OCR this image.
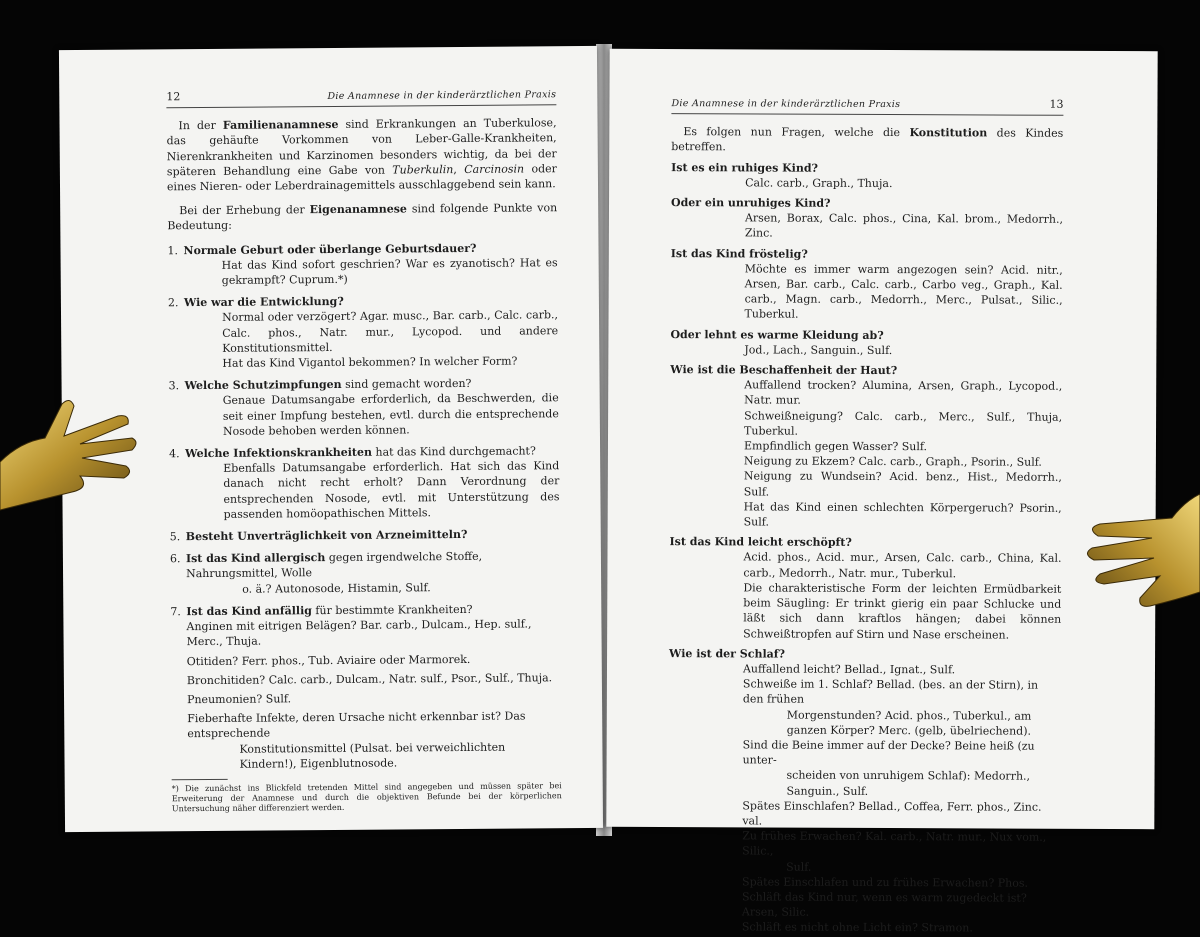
12	Die Anamnese in der kinderärztlichen Praxis

In der Familienanamnese sind Erkrankungen an Tuberkulose, das gehäufte Vorkommen von Leber-Galle-Krankheiten, Nierenkrankheiten und Karzinomen besonders wichtig, da bei der späteren Behandlung eine Gabe von Tuberkulin, Carcinosin oder eines Nieren- oder Leberdrainagemittels ausschlaggebend sein kann.

Bei der Erhebung der Eigenanamnese sind folgende Punkte von Bedeutung:

1. Normale Geburt oder überlange Geburtsdauer?
Hat das Kind sofort geschrien? War es zyanotisch? Hat es gekrampft? Cuprum.*)
2. Wie war die Entwicklung?
Normal oder verzögert? Agar. musc., Bar. carb., Calc. carb., Calc. phos., Natr. mur., Lycopod. und andere Konstitutionsmittel.
Hat das Kind Vigantol bekommen? In welcher Form?
3. Welche Schutzimpfungen sind gemacht worden?
Genaue Datumsangabe erforderlich, da Beschwerden, die seit einer Impfung bestehen, evtl. durch die entsprechende Nosode behoben werden können.
4. Welche Infektionskrankheiten hat das Kind durchgemacht?
Ebenfalls Datumsangabe erforderlich. Hat sich das Kind danach nicht recht erholt? Dann Verordnung der entsprechenden Nosode, evtl. mit Unterstützung des passenden homöopathischen Mittels.
5. Besteht Unverträglichkeit von Arzneimitteln?
6. Ist das Kind allergisch gegen irgendwelche Stoffe, Nahrungsmittel, Wolle
o. ä.? Autonosode, Histamin, Sulf.
7. Ist das Kind anfällig für bestimmte Krankheiten?
Anginen mit eitrigen Belägen? Bar. carb., Dulcam., Hep. sulf., Merc., Thuja.
Otitiden? Ferr. phos., Tub. Aviaire oder Marmorek.
Bronchitiden? Calc. carb., Dulcam., Natr. sulf., Psor., Sulf., Thuja.
Pneumonien? Sulf.
Fieberhafte Infekte, deren Ursache nicht erkennbar ist? Das entsprechende
Konstitutionsmittel (Pulsat. bei verweichlichten Kindern!), Eigenblutnosode.
*) Die zunächst ins Blickfeld tretenden Mittel sind angegeben und müssen später bei Erweiterung der Anamnese und durch die objektiven Befunde bei der körperlichen Untersuchung näher differenziert werden.
Die Anamnese in der kinderärztlichen Praxis	13

Es folgen nun Fragen, welche die Konstitution des Kindes betreffen.

Ist es ein ruhiges Kind?
Calc. carb., Graph., Thuja.
Oder ein unruhiges Kind?
Arsen, Borax, Calc. phos., Cina, Kal. brom., Medorrh., Zinc.
Ist das Kind fröstelig?
Möchte es immer warm angezogen sein? Acid. nitr., Arsen, Bar. carb., Calc. carb., Carbo veg., Graph., Kal. carb., Magn. carb., Medorrh., Merc., Pulsat., Silic., Tuberkul.
Oder lehnt es warme Kleidung ab?
Jod., Lach., Sanguin., Sulf.
Wie ist die Beschaffenheit der Haut?
Auffallend trocken? Alumina, Arsen, Graph., Lycopod., Natr. mur.
Schweißneigung? Calc. carb., Merc., Sulf., Thuja, Tuberkul.
Empfindlich gegen Wasser? Sulf.
Neigung zu Ekzem? Calc. carb., Graph., Psorin., Sulf.
Neigung zu Wundsein? Acid. benz., Hist., Medorrh., Sulf.
Hat das Kind einen schlechten Körpergeruch? Psorin., Sulf.
Ist das Kind leicht erschöpft?
Acid. phos., Acid. mur., Arsen, Calc. carb., China, Kal. carb., Medorrh., Natr. mur., Tuberkul.
Die charakteristische Form der leichten Ermüdbarkeit beim Säugling: Er trinkt gierig ein paar Schlucke und läßt sich dann kraftlos hängen; dabei können Schweißtropfen auf Stirn und Nase erscheinen.
Wie ist der Schlaf?
Auffallend leicht? Bellad., Ignat., Sulf.
Schweiße im 1. Schlaf? Bellad. (bes. an der Stirn), in den frühen
Morgenstunden? Acid. phos., Tuberkul., am ganzen Körper? Merc. (gelb, übelriechend).
Sind die Beine immer auf der Decke? Beine heiß (zu unter-
scheiden von unruhigem Schlaf): Medorrh., Sanguin., Sulf.
Spätes Einschlafen? Bellad., Coffea, Ferr. phos., Zinc. val.
Zu frühes Erwachen? Kal. carb., Natr. mur., Nux vom., Silic.,
Sulf.
Spätes Einschlafen und zu frühes Erwachen? Phos.
Schläft das Kind nur, wenn es warm zugedeckt ist? Arsen, Silic.
Schläft es nicht ohne Licht ein? Stramon.
